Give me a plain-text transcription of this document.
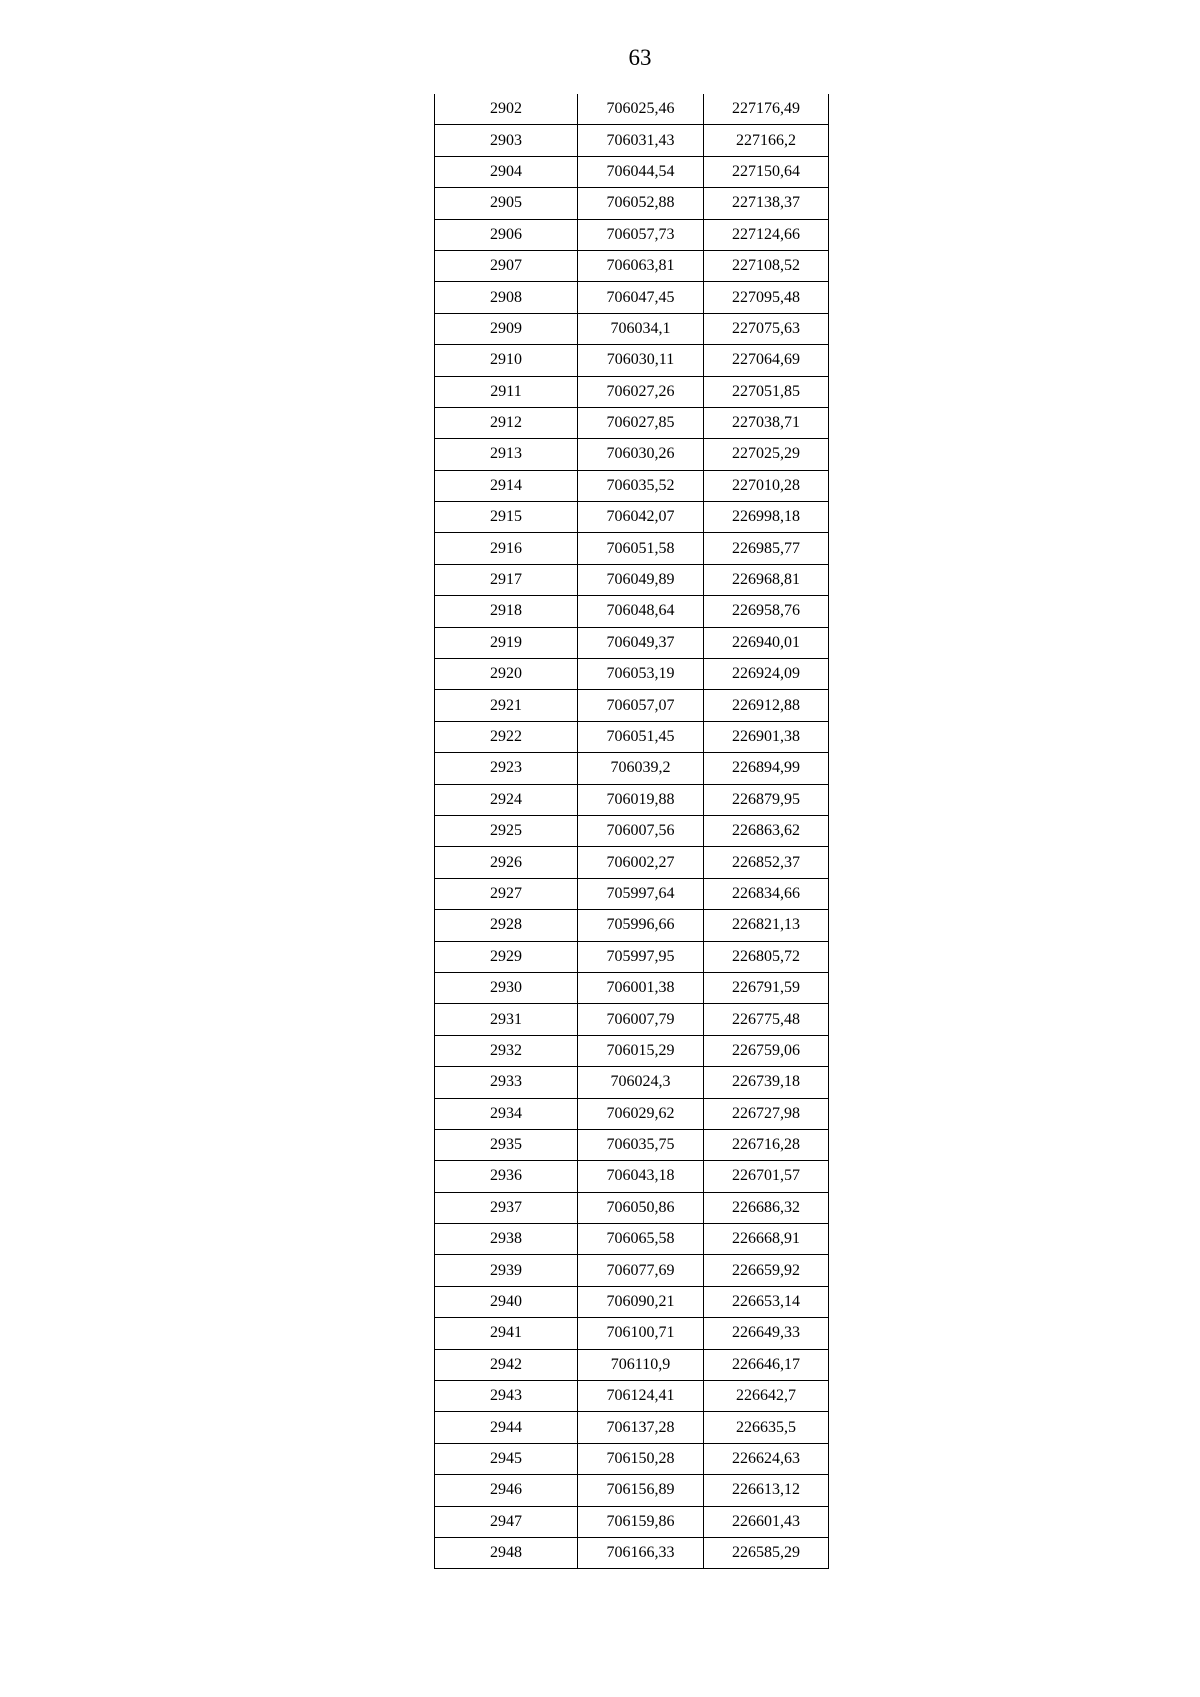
63
2902	706025,46	227176,49
2903	706031,43	227166,2
2904	706044,54	227150,64
2905	706052,88	227138,37
2906	706057,73	227124,66
2907	706063,81	227108,52
2908	706047,45	227095,48
2909	706034,1	227075,63
2910	706030,11	227064,69
2911	706027,26	227051,85
2912	706027,85	227038,71
2913	706030,26	227025,29
2914	706035,52	227010,28
2915	706042,07	226998,18
2916	706051,58	226985,77
2917	706049,89	226968,81
2918	706048,64	226958,76
2919	706049,37	226940,01
2920	706053,19	226924,09
2921	706057,07	226912,88
2922	706051,45	226901,38
2923	706039,2	226894,99
2924	706019,88	226879,95
2925	706007,56	226863,62
2926	706002,27	226852,37
2927	705997,64	226834,66
2928	705996,66	226821,13
2929	705997,95	226805,72
2930	706001,38	226791,59
2931	706007,79	226775,48
2932	706015,29	226759,06
2933	706024,3	226739,18
2934	706029,62	226727,98
2935	706035,75	226716,28
2936	706043,18	226701,57
2937	706050,86	226686,32
2938	706065,58	226668,91
2939	706077,69	226659,92
2940	706090,21	226653,14
2941	706100,71	226649,33
2942	706110,9	226646,17
2943	706124,41	226642,7
2944	706137,28	226635,5
2945	706150,28	226624,63
2946	706156,89	226613,12
2947	706159,86	226601,43
2948	706166,33	226585,29
